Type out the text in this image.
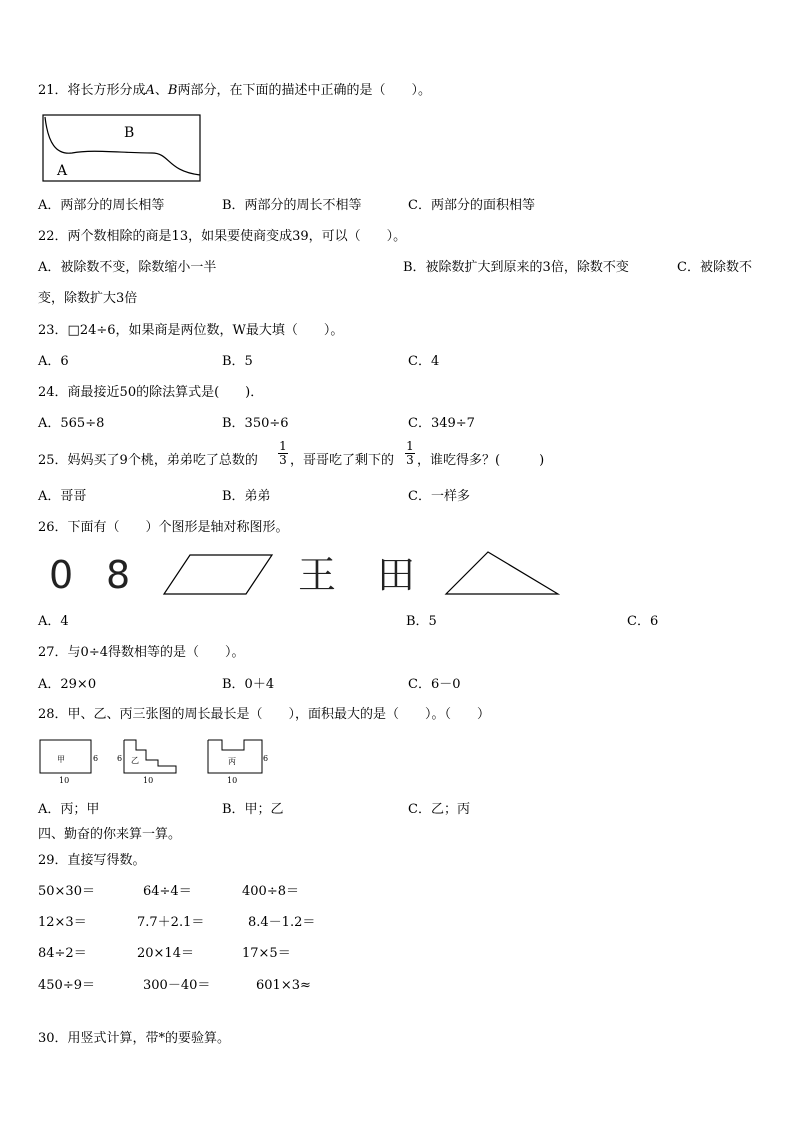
21．将长方形分成𝐴、𝐵两部分，在下面的描述中正确的是（　　）。
B
A
A．两部分的周长相等	B．两部分的周长不相等	C．两部分的面积相等
22．两个数相除的商是13，如果要使商变成39，可以（　　）。
A．被除数不变，除数缩小一半	B．被除数扩大到原来的3倍，除数不变	C．被除数不
变，除数扩大3倍
23．□24÷6，如果商是两位数，W最大填（　　）。
A．6	B．5	C．4
24．商最接近50的除法算式是(　　)．
A．565÷8	B．350÷6	C．349÷7
25．妈妈买了9个桃，弟弟吃了总数的
1
3 ，哥哥吃了剩下的
1
3 ，谁吃得多？(　　　)
A．哥哥	B．弟弟	C．一样多
26．下面有（　　）个图形是轴对称图形。
0 8	王 田
A．4	B．5	C．6
27．与0÷4得数相等的是（　　）。
A．29×0	B．0＋4	C．6－0
28．甲、乙、丙三张图的周长最长是（　　），面积最大的是（　　）。（　　）
甲	6
10
6 乙
10
丙	6
10
A．丙；甲	B．甲；乙	C．乙；丙
四、勤奋的你来算一算。
29．直接写得数。
50×30＝	64÷4＝	400÷8＝
12×3＝	7.7＋2.1＝	8.4－1.2＝
84÷2＝	20×14＝	17×5＝
450÷9＝	300－40＝	601×3≈
30．用竖式计算，带*的要验算。
